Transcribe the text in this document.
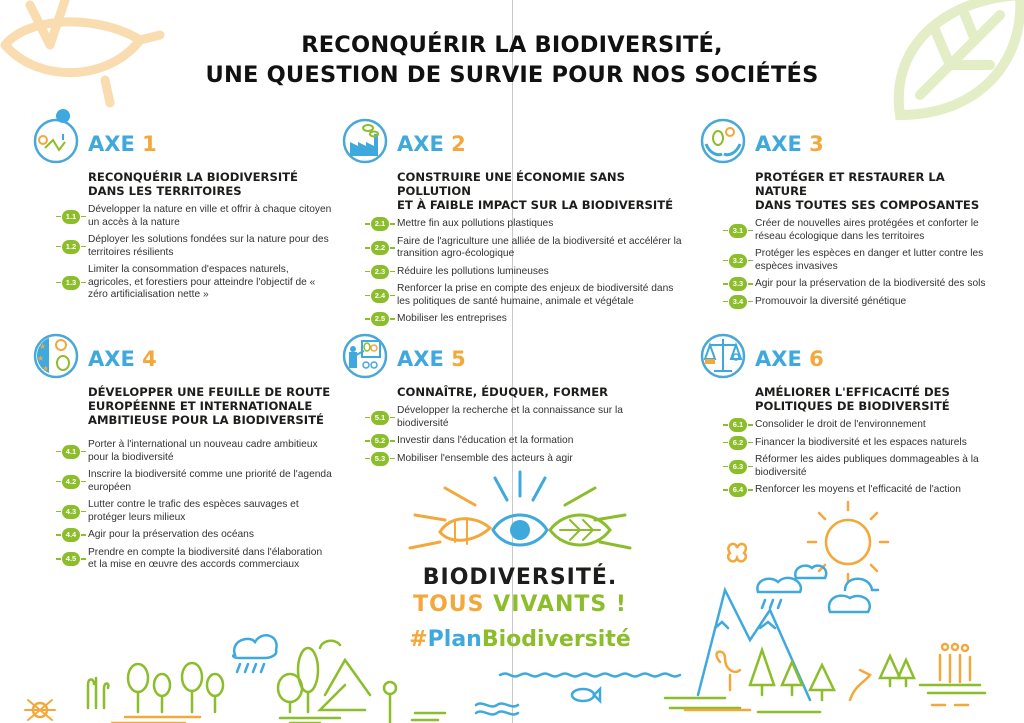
RECONQUÉRIR LA BIODIVERSITÉ,
UNE QUESTION DE SURVIE POUR NOS SOCIÉTÉS
AXE 1
RECONQUÉRIR LA BIODIVERSITÉ
DANS LES TERRITOIRES
1.1
Développer la nature en ville et offrir à chaque citoyen un accès à la nature
1.2
Déployer les solutions fondées sur la nature pour des territoires résilients
1.3
Limiter la consommation d'espaces naturels, agricoles, et forestiers pour atteindre l'objectif de « zéro artificialisation nette »
AXE 2
CONSTRUIRE UNE ÉCONOMIE SANS POLLUTION
ET À FAIBLE IMPACT SUR LA BIODIVERSITÉ
2.1	Mettre fin aux pollutions plastiques
2.2
Faire de l'agriculture une alliée de la biodiversité et accélérer la transition agro-écologique
2.3	Réduire les pollutions lumineuses
2.4
Renforcer la prise en compte des enjeux de biodiversité dans les politiques de santé humaine, animale et végétale
2.5	Mobiliser les entreprises
AXE 3
PROTÉGER ET RESTAURER LA NATURE
DANS TOUTES SES COMPOSANTES
3.1
Créer de nouvelles aires protégées et conforter le réseau écologique dans les territoires
3.2
Protéger les espèces en danger et lutter contre les espèces invasives
3.3	Agir pour la préservation de la biodiversité des sols
3.4	Promouvoir la diversité génétique
★
★
★ AXE 4
DÉVELOPPER UNE FEUILLE DE ROUTE
EUROPÉENNE ET INTERNATIONALE
AMBITIEUSE POUR LA BIODIVERSITÉ
4.1
Porter à l'international un nouveau cadre ambitieux pour la biodiversité
4.2
Inscrire la biodiversité comme une priorité de l'agenda européen
4.3
Lutter contre le trafic des espèces sauvages et protéger leurs milieux
4.4	Agir pour la préservation des océans
4.5
Prendre en compte la biodiversité dans l'élaboration et la mise en œuvre des accords commerciaux
AXE 5
CONNAÎTRE, ÉDUQUER, FORMER
5.1
Développer la recherche et la connaissance sur la biodiversité
5.2	Investir dans l'éducation et la formation
5.3	Mobiliser l'ensemble des acteurs à agir
AXE 6
AMÉLIORER L'EFFICACITÉ DES
POLITIQUES DE BIODIVERSITÉ
6.1	Consolider le droit de l'environnement
6.2	Financer la biodiversité et les espaces naturels
6.3
Réformer les aides publiques dommageables à la biodiversité
6.4	Renforcer les moyens et l'efficacité de l'action
BIODIVERSITÉ.
TOUS VIVANTS !
#PlanBiodiversité
